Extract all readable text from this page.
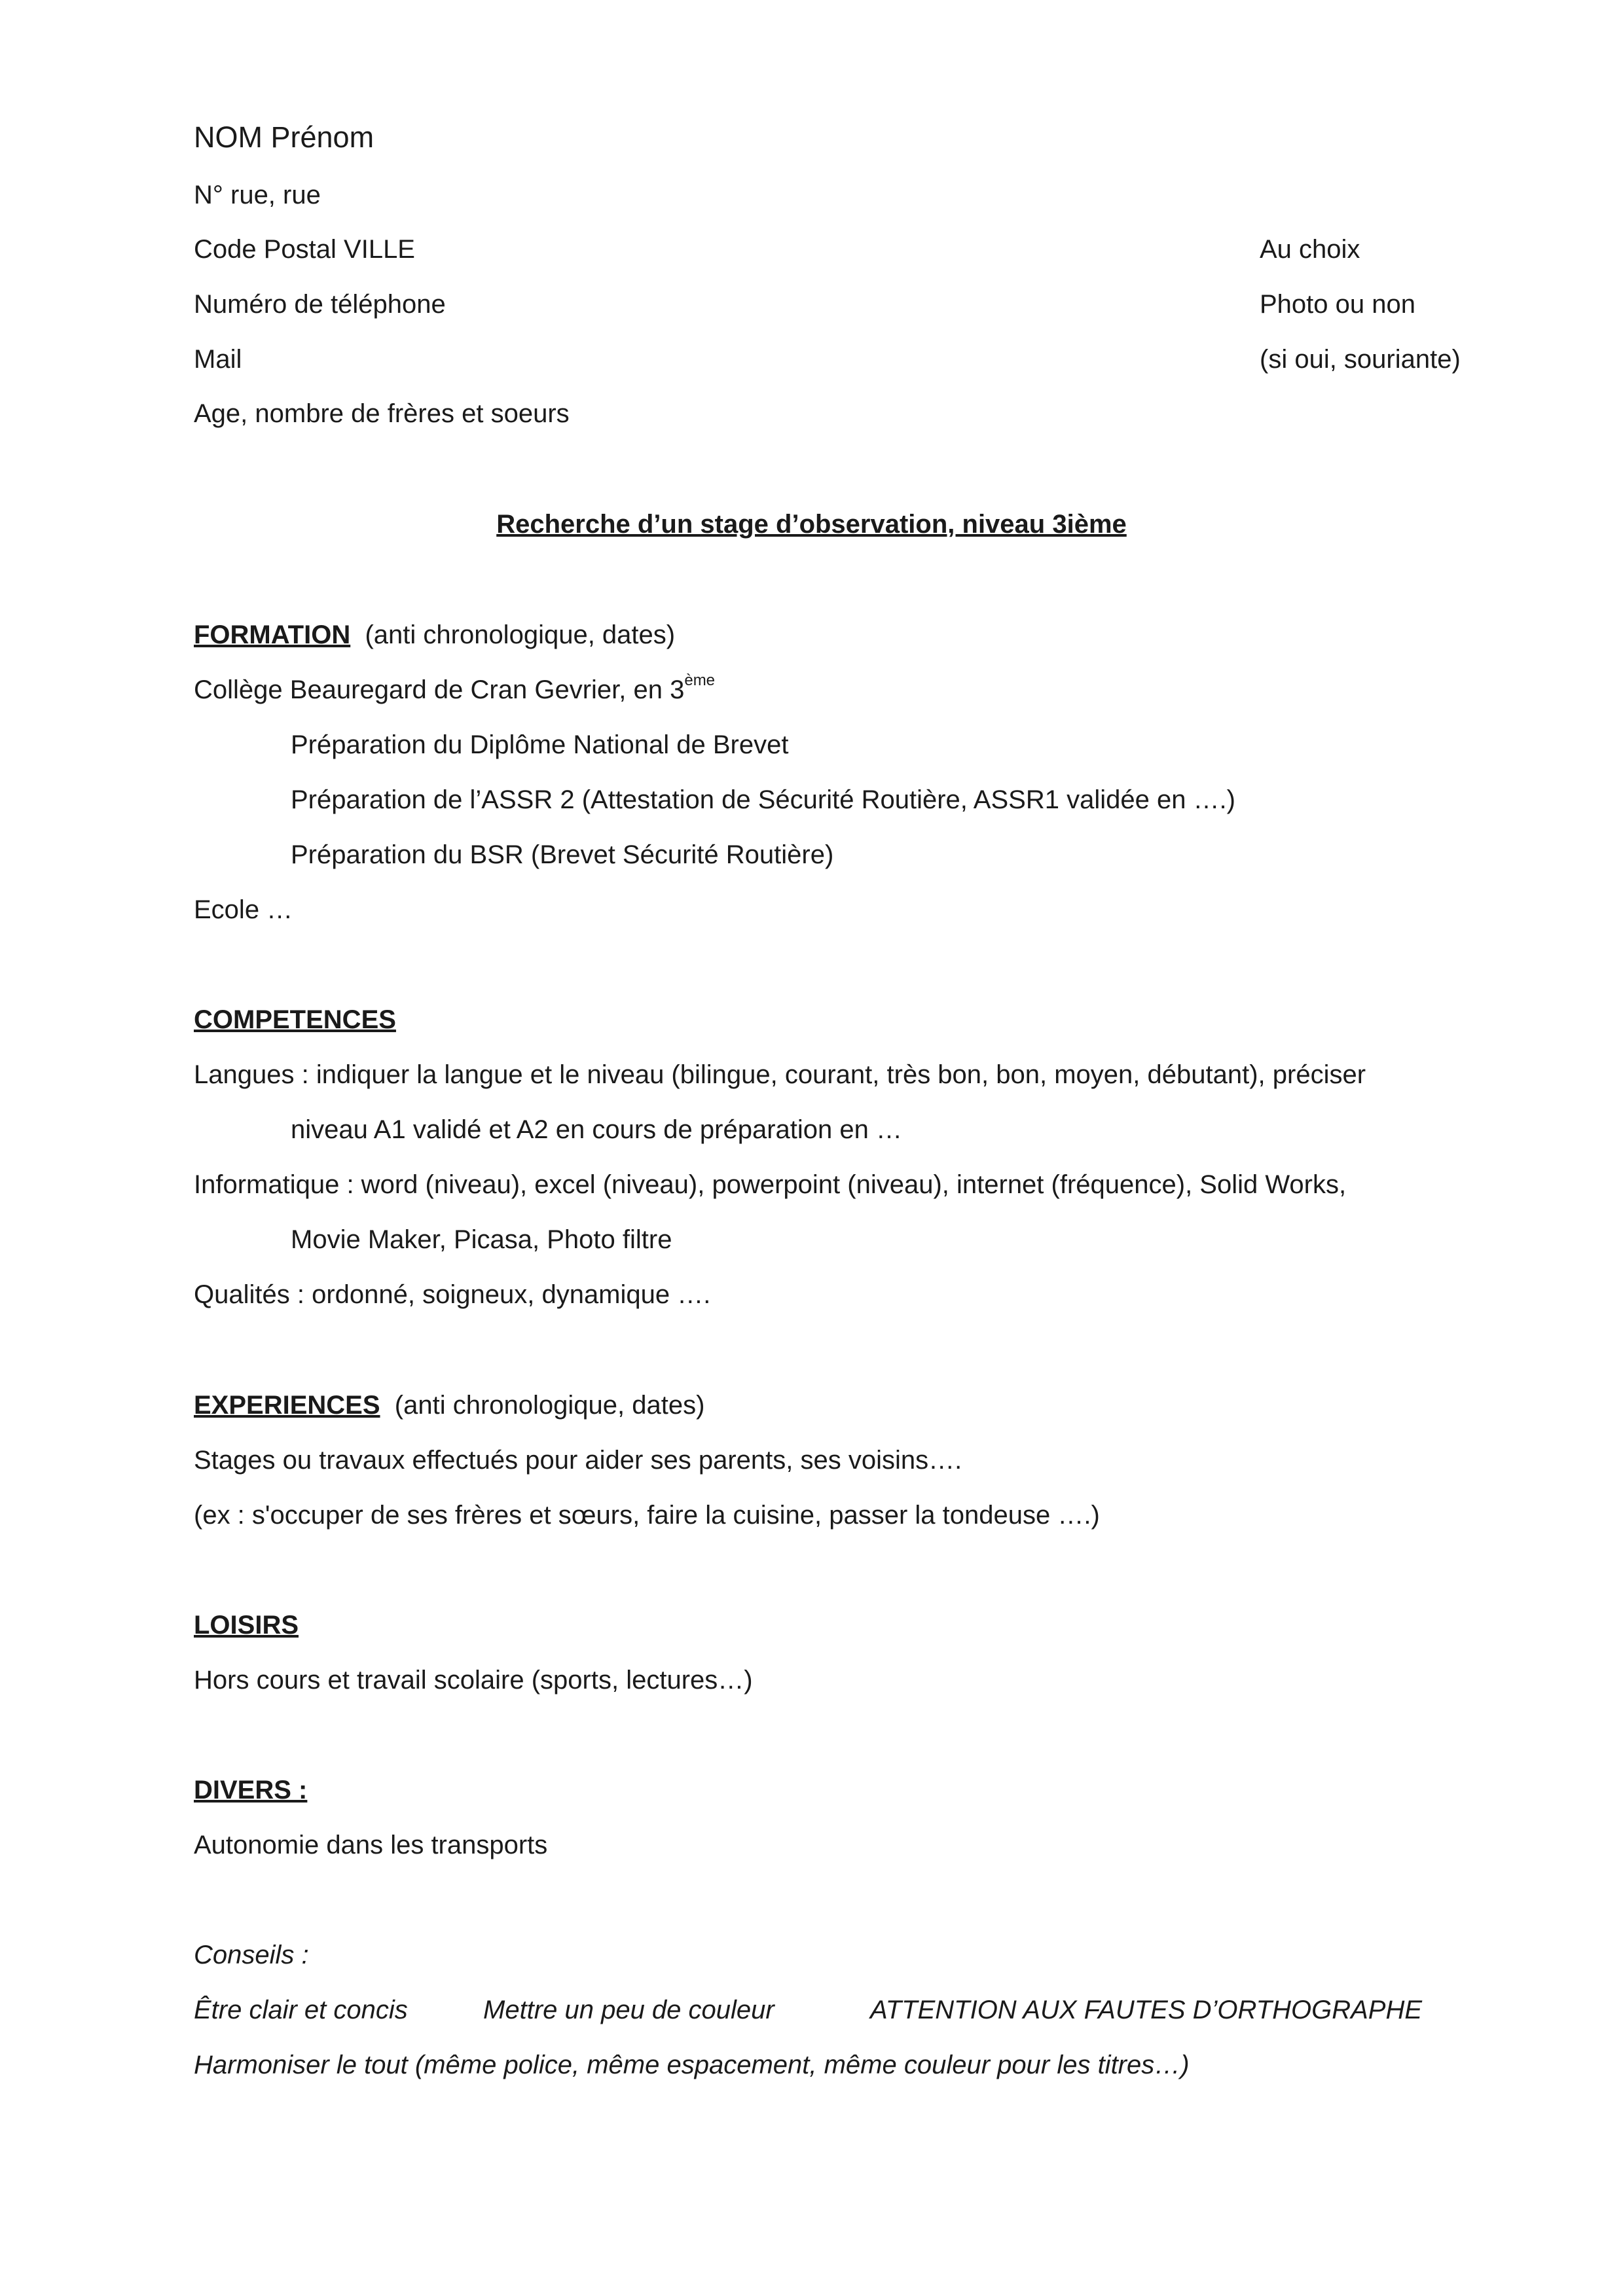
NOM Prénom
N° rue, rue
Code Postal VILLE
Numéro de téléphone
Mail
Age, nombre de frères et soeurs
Au choix
Photo ou non
(si oui, souriante)
Recherche d’un stage d’observation, niveau 3ième
FORMATION (anti chronologique, dates)
Collège Beauregard de Cran Gevrier, en 3ème
Préparation du Diplôme National de Brevet
Préparation de l’ASSR 2 (Attestation de Sécurité Routière, ASSR1 validée en ….)
Préparation du BSR (Brevet Sécurité Routière)
Ecole …
COMPETENCES
Langues : indiquer la langue et le niveau (bilingue, courant, très bon, bon, moyen, débutant), préciser
niveau A1 validé et A2 en cours de préparation en …
Informatique : word (niveau), excel (niveau), powerpoint (niveau), internet (fréquence), Solid Works,
Movie Maker, Picasa, Photo filtre
Qualités : ordonné, soigneux, dynamique ….
EXPERIENCES (anti chronologique, dates)
Stages ou travaux effectués pour aider ses parents, ses voisins….
(ex : s'occuper de ses frères et sœurs, faire la cuisine, passer la tondeuse ….)
LOISIRS
Hors cours et travail scolaire (sports, lectures…)
DIVERS :
Autonomie dans les transports
Conseils :
Être clair et concis	Mettre un peu de couleur	ATTENTION AUX FAUTES D’ORTHOGRAPHE
Harmoniser le tout (même police, même espacement, même couleur pour les titres…)
